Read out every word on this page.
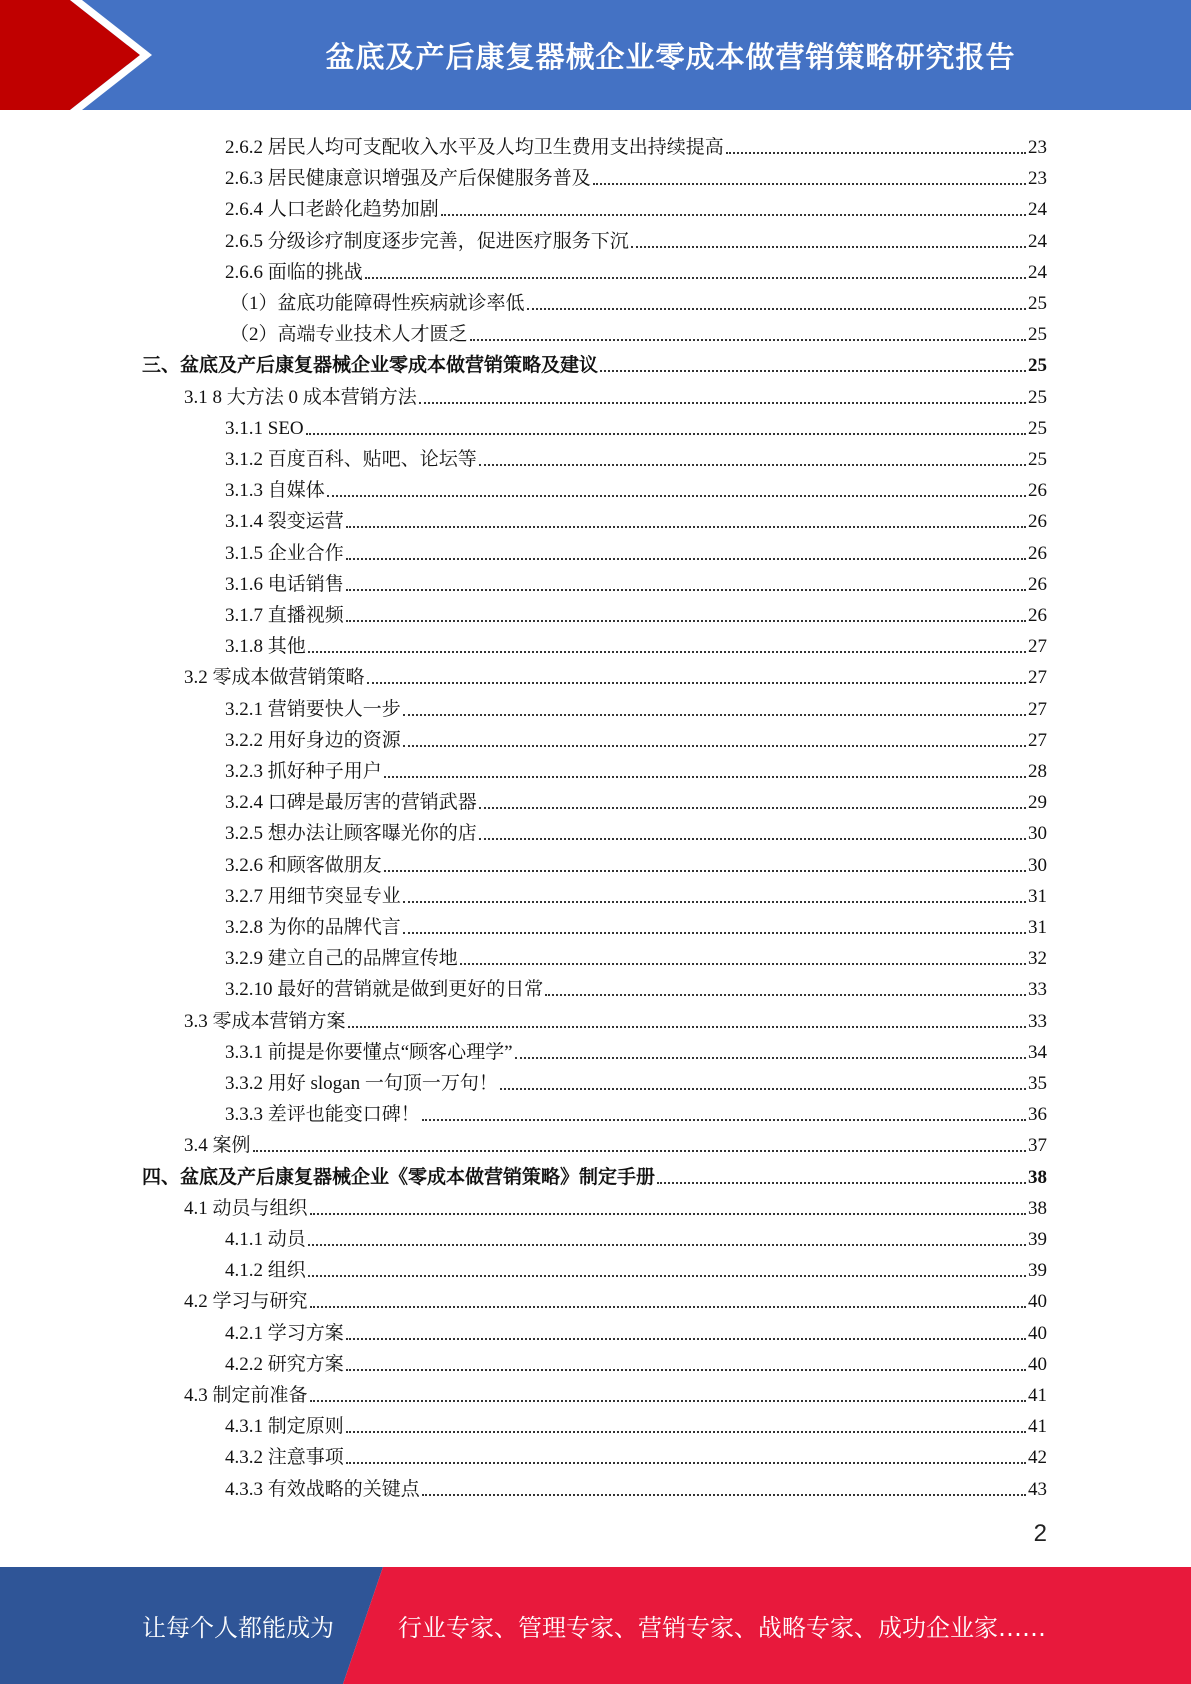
盆底及产后康复器械企业零成本做营销策略研究报告
2.6.2 居民人均可支配收入水平及人均卫生费用支出持续提高	23
2.6.3 居民健康意识增强及产后保健服务普及	23
2.6.4 人口老龄化趋势加剧	24
2.6.5 分级诊疗制度逐步完善，促进医疗服务下沉	24
2.6.6 面临的挑战	24
（1）盆底功能障碍性疾病就诊率低	25
（2）高端专业技术人才匮乏	25
三、盆底及产后康复器械企业零成本做营销策略及建议	25
3.1 8 大方法 0 成本营销方法	25
3.1.1 SEO	25
3.1.2 百度百科、贴吧、论坛等	25
3.1.3 自媒体	26
3.1.4 裂变运营	26
3.1.5 企业合作	26
3.1.6 电话销售	26
3.1.7 直播视频	26
3.1.8 其他	27
3.2 零成本做营销策略	27
3.2.1 营销要快人一步	27
3.2.2 用好身边的资源	27
3.2.3 抓好种子用户	28
3.2.4 口碑是最厉害的营销武器	29
3.2.5 想办法让顾客曝光你的店	30
3.2.6 和顾客做朋友	30
3.2.7 用细节突显专业	31
3.2.8 为你的品牌代言	31
3.2.9 建立自己的品牌宣传地	32
3.2.10 最好的营销就是做到更好的日常	33
3.3 零成本营销方案	33
3.3.1 前提是你要懂点“顾客心理学”	34
3.3.2 用好 slogan 一句顶一万句！	35
3.3.3 差评也能变口碑！	36
3.4 案例	37
四、盆底及产后康复器械企业《零成本做营销策略》制定手册	38
4.1 动员与组织	38
4.1.1 动员	39
4.1.2 组织	39
4.2 学习与研究	40
4.2.1 学习方案	40
4.2.2 研究方案	40
4.3 制定前准备	41
4.3.1 制定原则	41
4.3.2 注意事项	42
4.3.3 有效战略的关键点	43
2
让每个人都能成为	行业专家、管理专家、营销专家、战略专家、成功企业家……
